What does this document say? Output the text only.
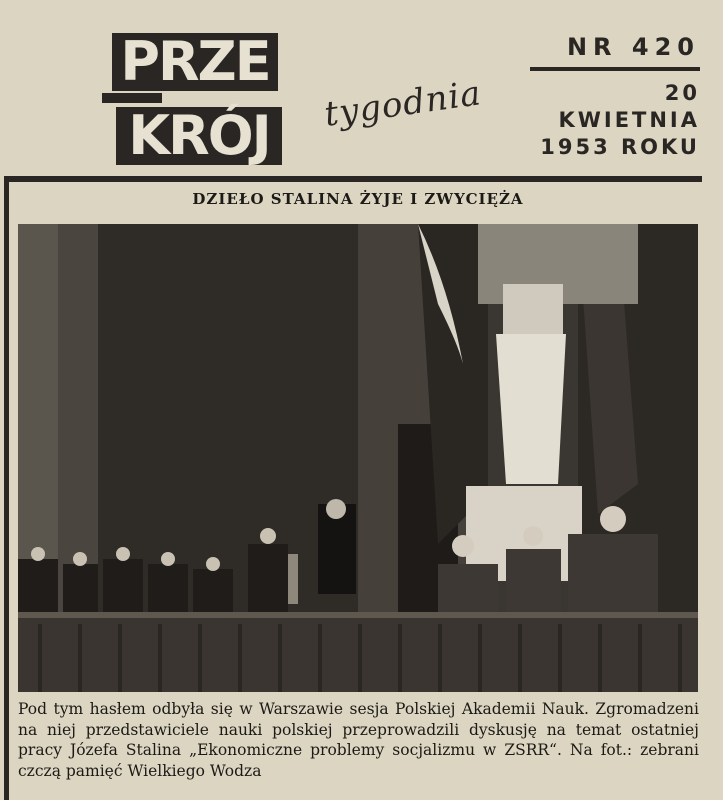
PRZE
KRÓJ	tygodnia
NR 420
20
KWIETNIA
1953 ROKU
DZIEŁO STALINA ŻYJE I ZWYCIĘŻA
Pod tym hasłem odbyła się w Warszawie sesja Polskiej Akademii Nauk. Zgromadzeni na niej przedstawiciele nauki polskiej przeprowadzili dyskusję na temat ostatniej pracy Józefa Stalina „Ekonomiczne problemy socjalizmu w ZSRR“. Na fot.: zebrani czczą pamięć Wielkiego Wodza
